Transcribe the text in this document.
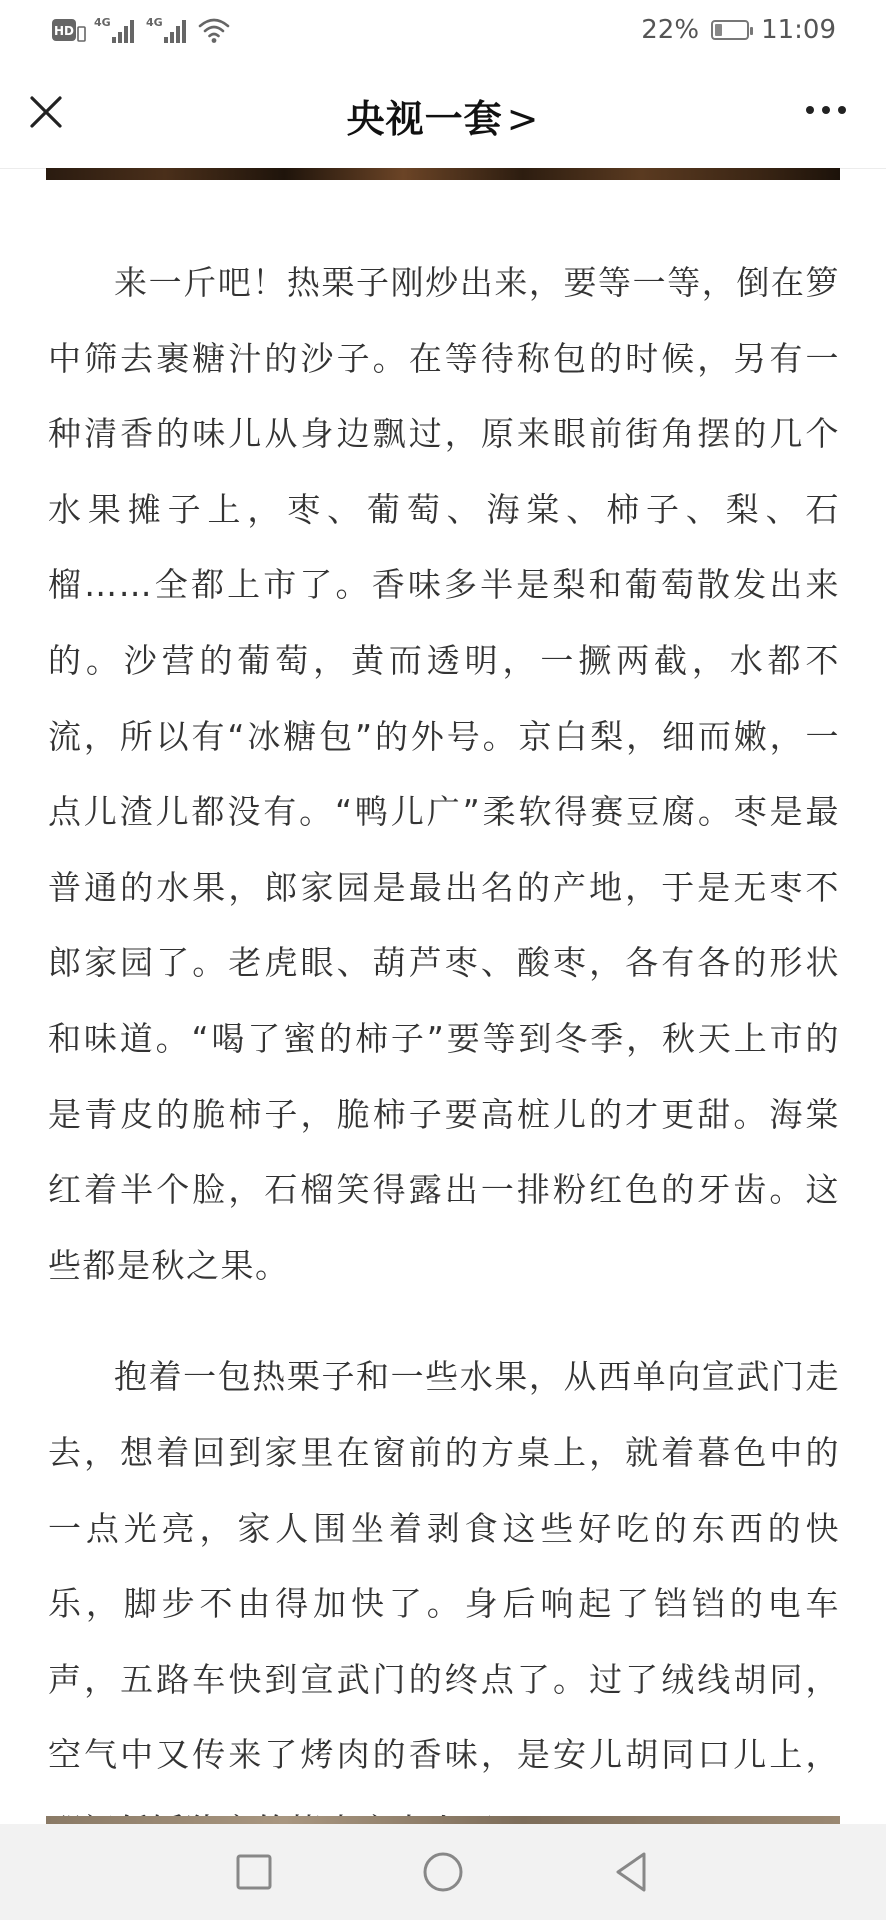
HD
4G	4G	22% 11:09
央视一套 >

来一斤吧！热栗子刚炒出来，要等一等，倒在箩中筛去裹糖汁的沙子。在等待称包的时候，另有一种清香的味儿从身边飘过，原来眼前街角摆的几个水果摊子上，枣、葡萄、海棠、柿子、梨、石榴……全都上市了。香味多半是梨和葡萄散发出来的。沙营的葡萄，黄而透明，一撅两截，水都不流，所以有“冰糖包”的外号。京白梨，细而嫩，一点儿渣儿都没有。“鸭儿广”柔软得赛豆腐。枣是最普通的水果，郎家园是最出名的产地，于是无枣不郎家园了。老虎眼、葫芦枣、酸枣，各有各的形状和味道。“喝了蜜的柿子”要等到冬季，秋天上市的是青皮的脆柿子，脆柿子要高桩儿的才更甜。海棠红着半个脸，石榴笑得露出一排粉红色的牙齿。这些都是秋之果。

抱着一包热栗子和一些水果，从西单向宣武门走去，想着回到家里在窗前的方桌上，就着暮色中的一点光亮，家人围坐着剥食这些好吃的东西的快乐，脚步不由得加快了。身后响起了铛铛的电车声，五路车快到宣武门的终点了。过了绒线胡同，空气中又传来了烤肉的香味，是安儿胡同口儿上，
